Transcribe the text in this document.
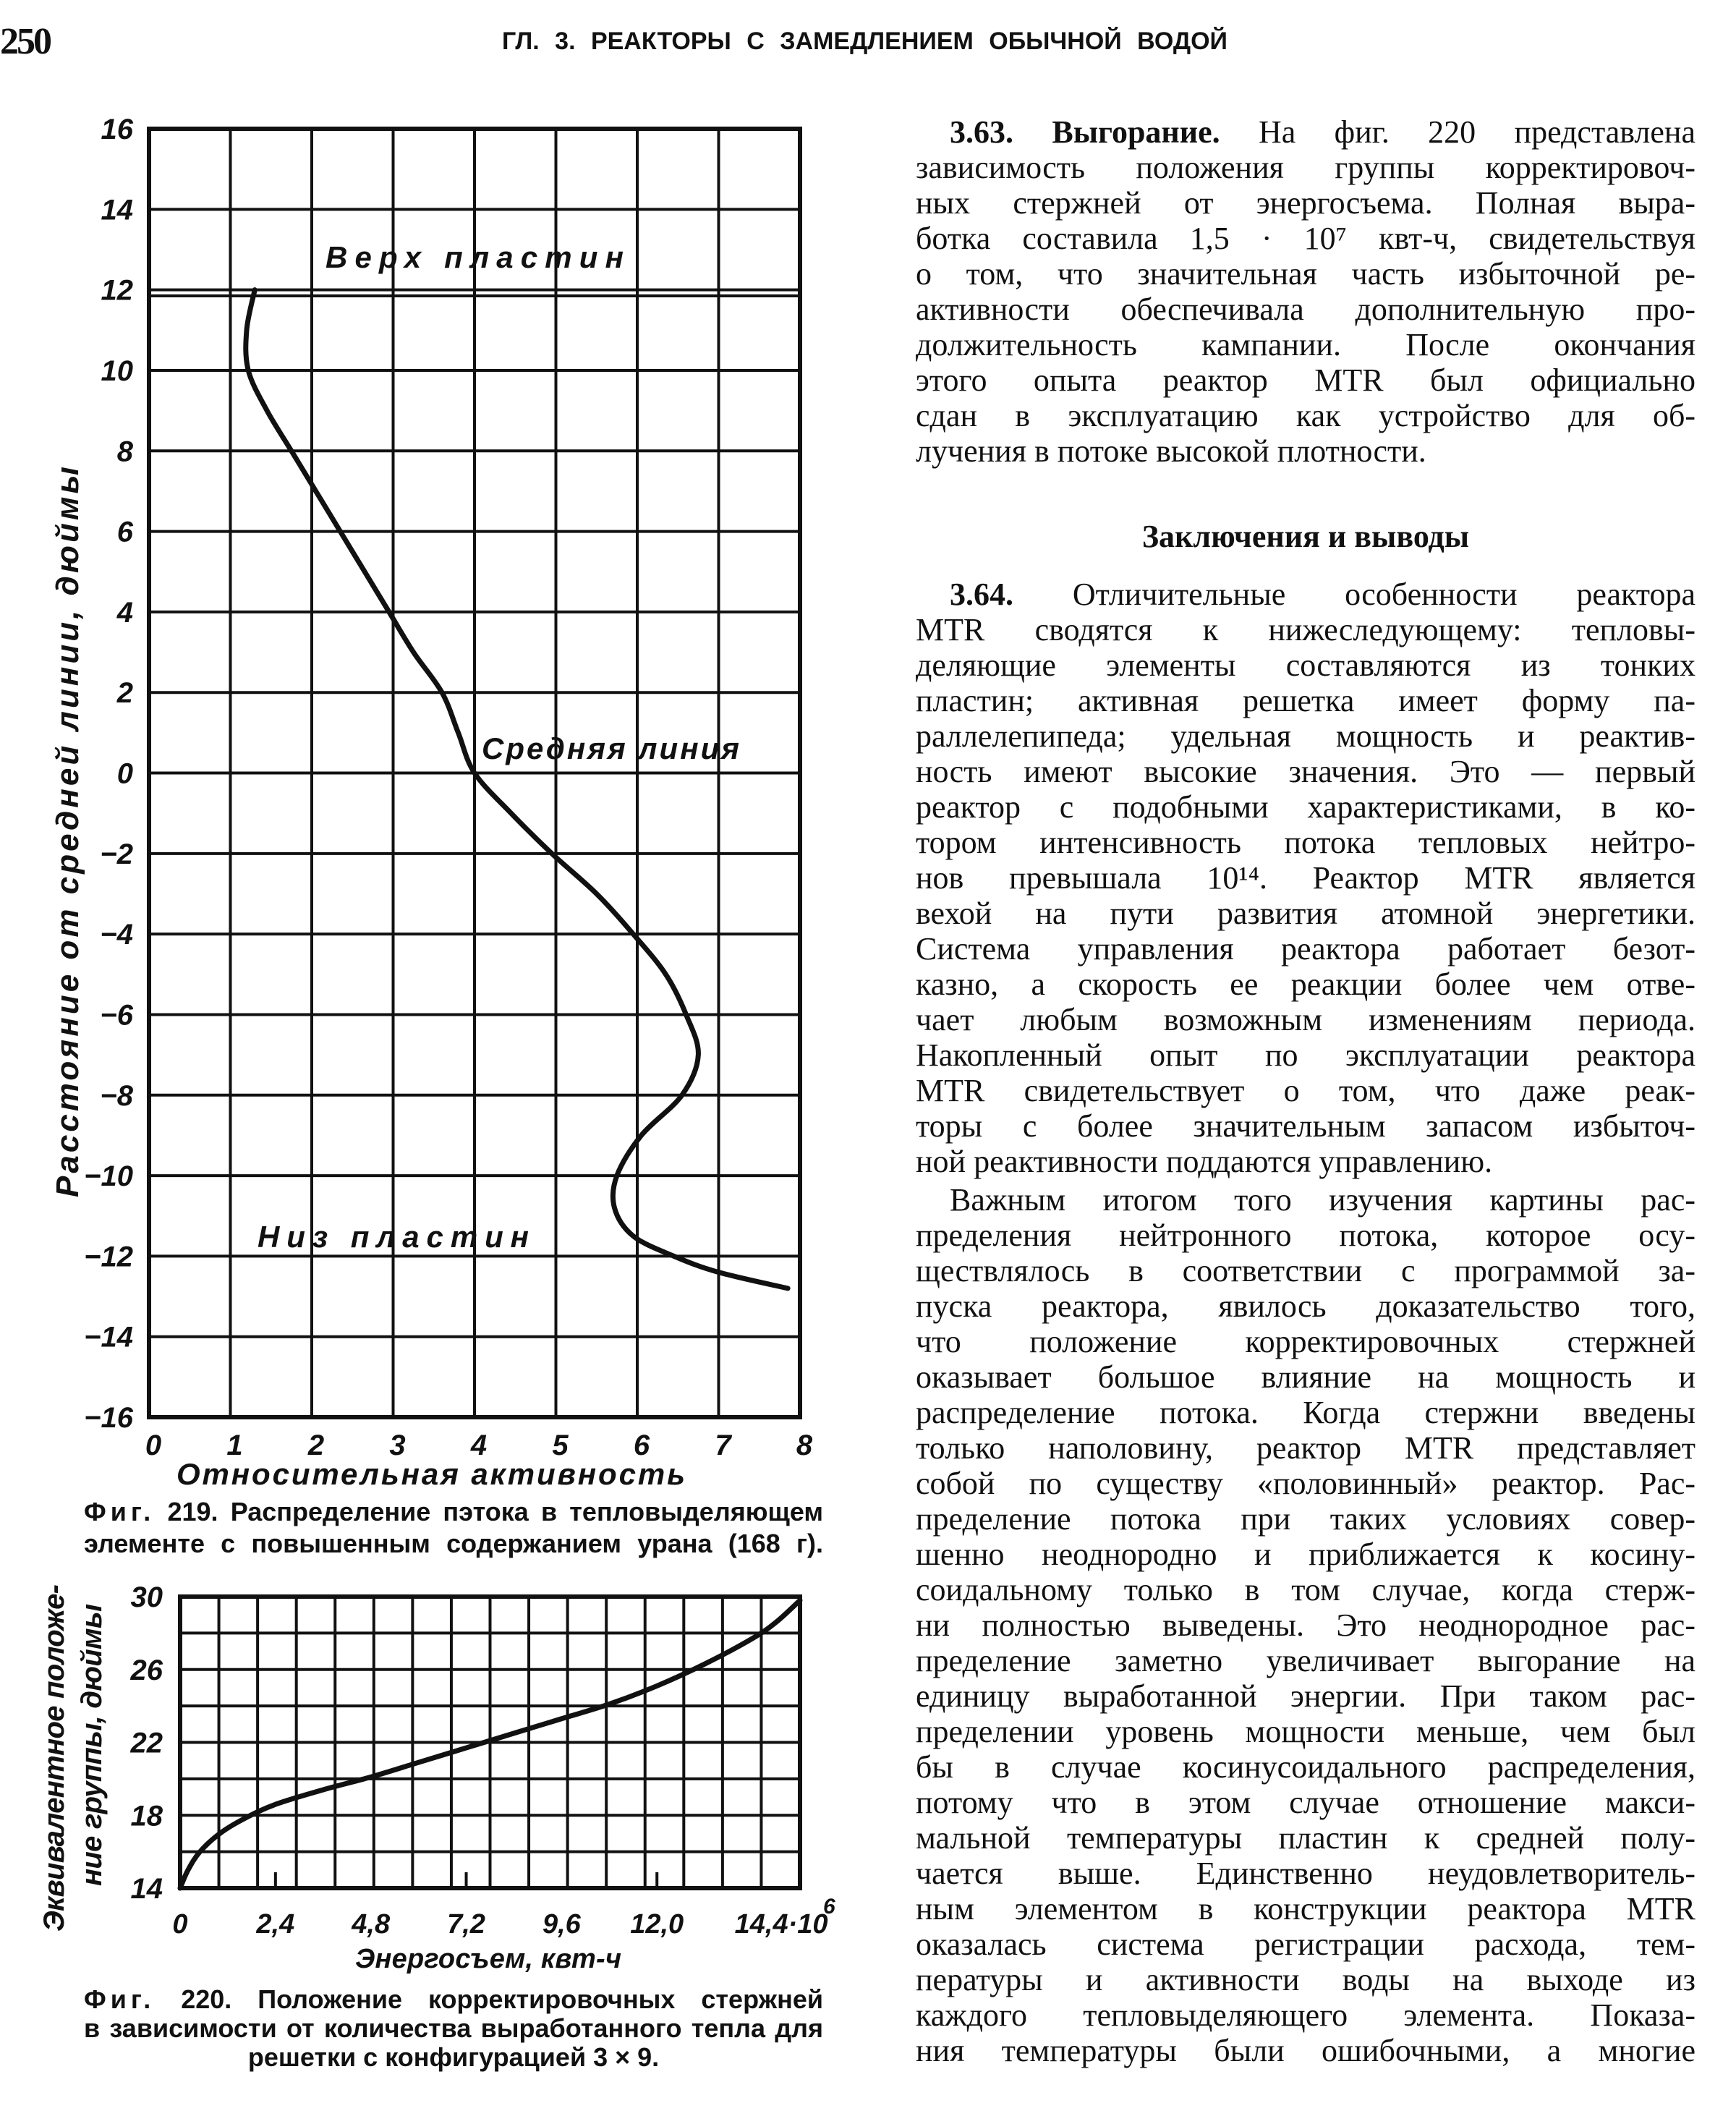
250	ГЛ. 3. РЕАКТОРЫ С ЗАМЕДЛЕНИЕМ ОБЫЧНОЙ ВОДОЙ
16
14
12
10
8
6
4
2
0
−2
−4
−6
−8
−10
−12
−14
−16
0 1 2 3 4 5 6 7 8
Относительная активность
Расстояние от средней линии, дюймы
Верх пластин
Средняя линия
Низ пластин
30
26
22
18
14
0 2,4 4,8 7,2 9,6 12,0 14,4·10
6
Энергосъем, квт-ч
Эквивалентное положе-
ние группы, дюймы
Фиг. 219. Распределение пэтока в тепловыделяющем
элементе с повышенным содержанием урана (168 г).
Фиг. 220. Положение корректировочных стержней
в зависимости от количества выработанного тепла для
решетки с конфигурацией 3 × 9.
Заключения и выводы
3.63. Выгорание. На фиг. 220 представлена
зависимость положения группы корректировоч-
ных стержней от энергосъема. Полная выра-
ботка составила 1,5 · 10⁷ квт-ч, свидетельствуя
о том, что значительная часть избыточной ре-
активности обеспечивала дополнительную про-
должительность кампании. После окончания
этого опыта реактор MTR был официально
сдан в эксплуатацию как устройство для об-
лучения в потоке высокой плотности.
3.64. Отличительные особенности реактора
MTR сводятся к нижеследующему: тепловы-
деляющие элементы составляются из тонких
пластин; активная решетка имеет форму па-
раллелепипеда; удельная мощность и реактив-
ность имеют высокие значения. Это — первый
реактор с подобными характеристиками, в ко-
тором интенсивность потока тепловых нейтро-
нов превышала 10¹⁴. Реактор MTR является
вехой на пути развития атомной энергетики.
Система управления реактора работает безот-
казно, а скорость ее реакции более чем отве-
чает любым возможным изменениям периода.
Накопленный опыт по эксплуатации реактора
MTR свидетельствует о том, что даже реак-
торы с более значительным запасом избыточ-
ной реактивности поддаются управлению.
Важным итогом того изучения картины рас-
пределения нейтронного потока, которое осу-
ществлялось в соответствии с программой за-
пуска реактора, явилось доказательство того,
что положение корректировочных стержней
оказывает большое влияние на мощность и
распределение потока. Когда стержни введены
только наполовину, реактор MTR представляет
собой по существу «половинный» реактор. Рас-
пределение потока при таких условиях совер-
шенно неоднородно и приближается к косину-
соидальному только в том случае, когда стерж-
ни полностью выведены. Это неоднородное рас-
пределение заметно увеличивает выгорание на
единицу выработанной энергии. При таком рас-
пределении уровень мощности меньше, чем был
бы в случае косинусоидального распределения,
потому что в этом случае отношение макси-
мальной температуры пластин к средней полу-
чается выше. Единственно неудовлетворитель-
ным элементом в конструкции реактора MTR
оказалась система регистрации расхода, тем-
пературы и активности воды на выходе из
каждого тепловыделяющего элемента. Показа-
ния температуры были ошибочными, а многие
